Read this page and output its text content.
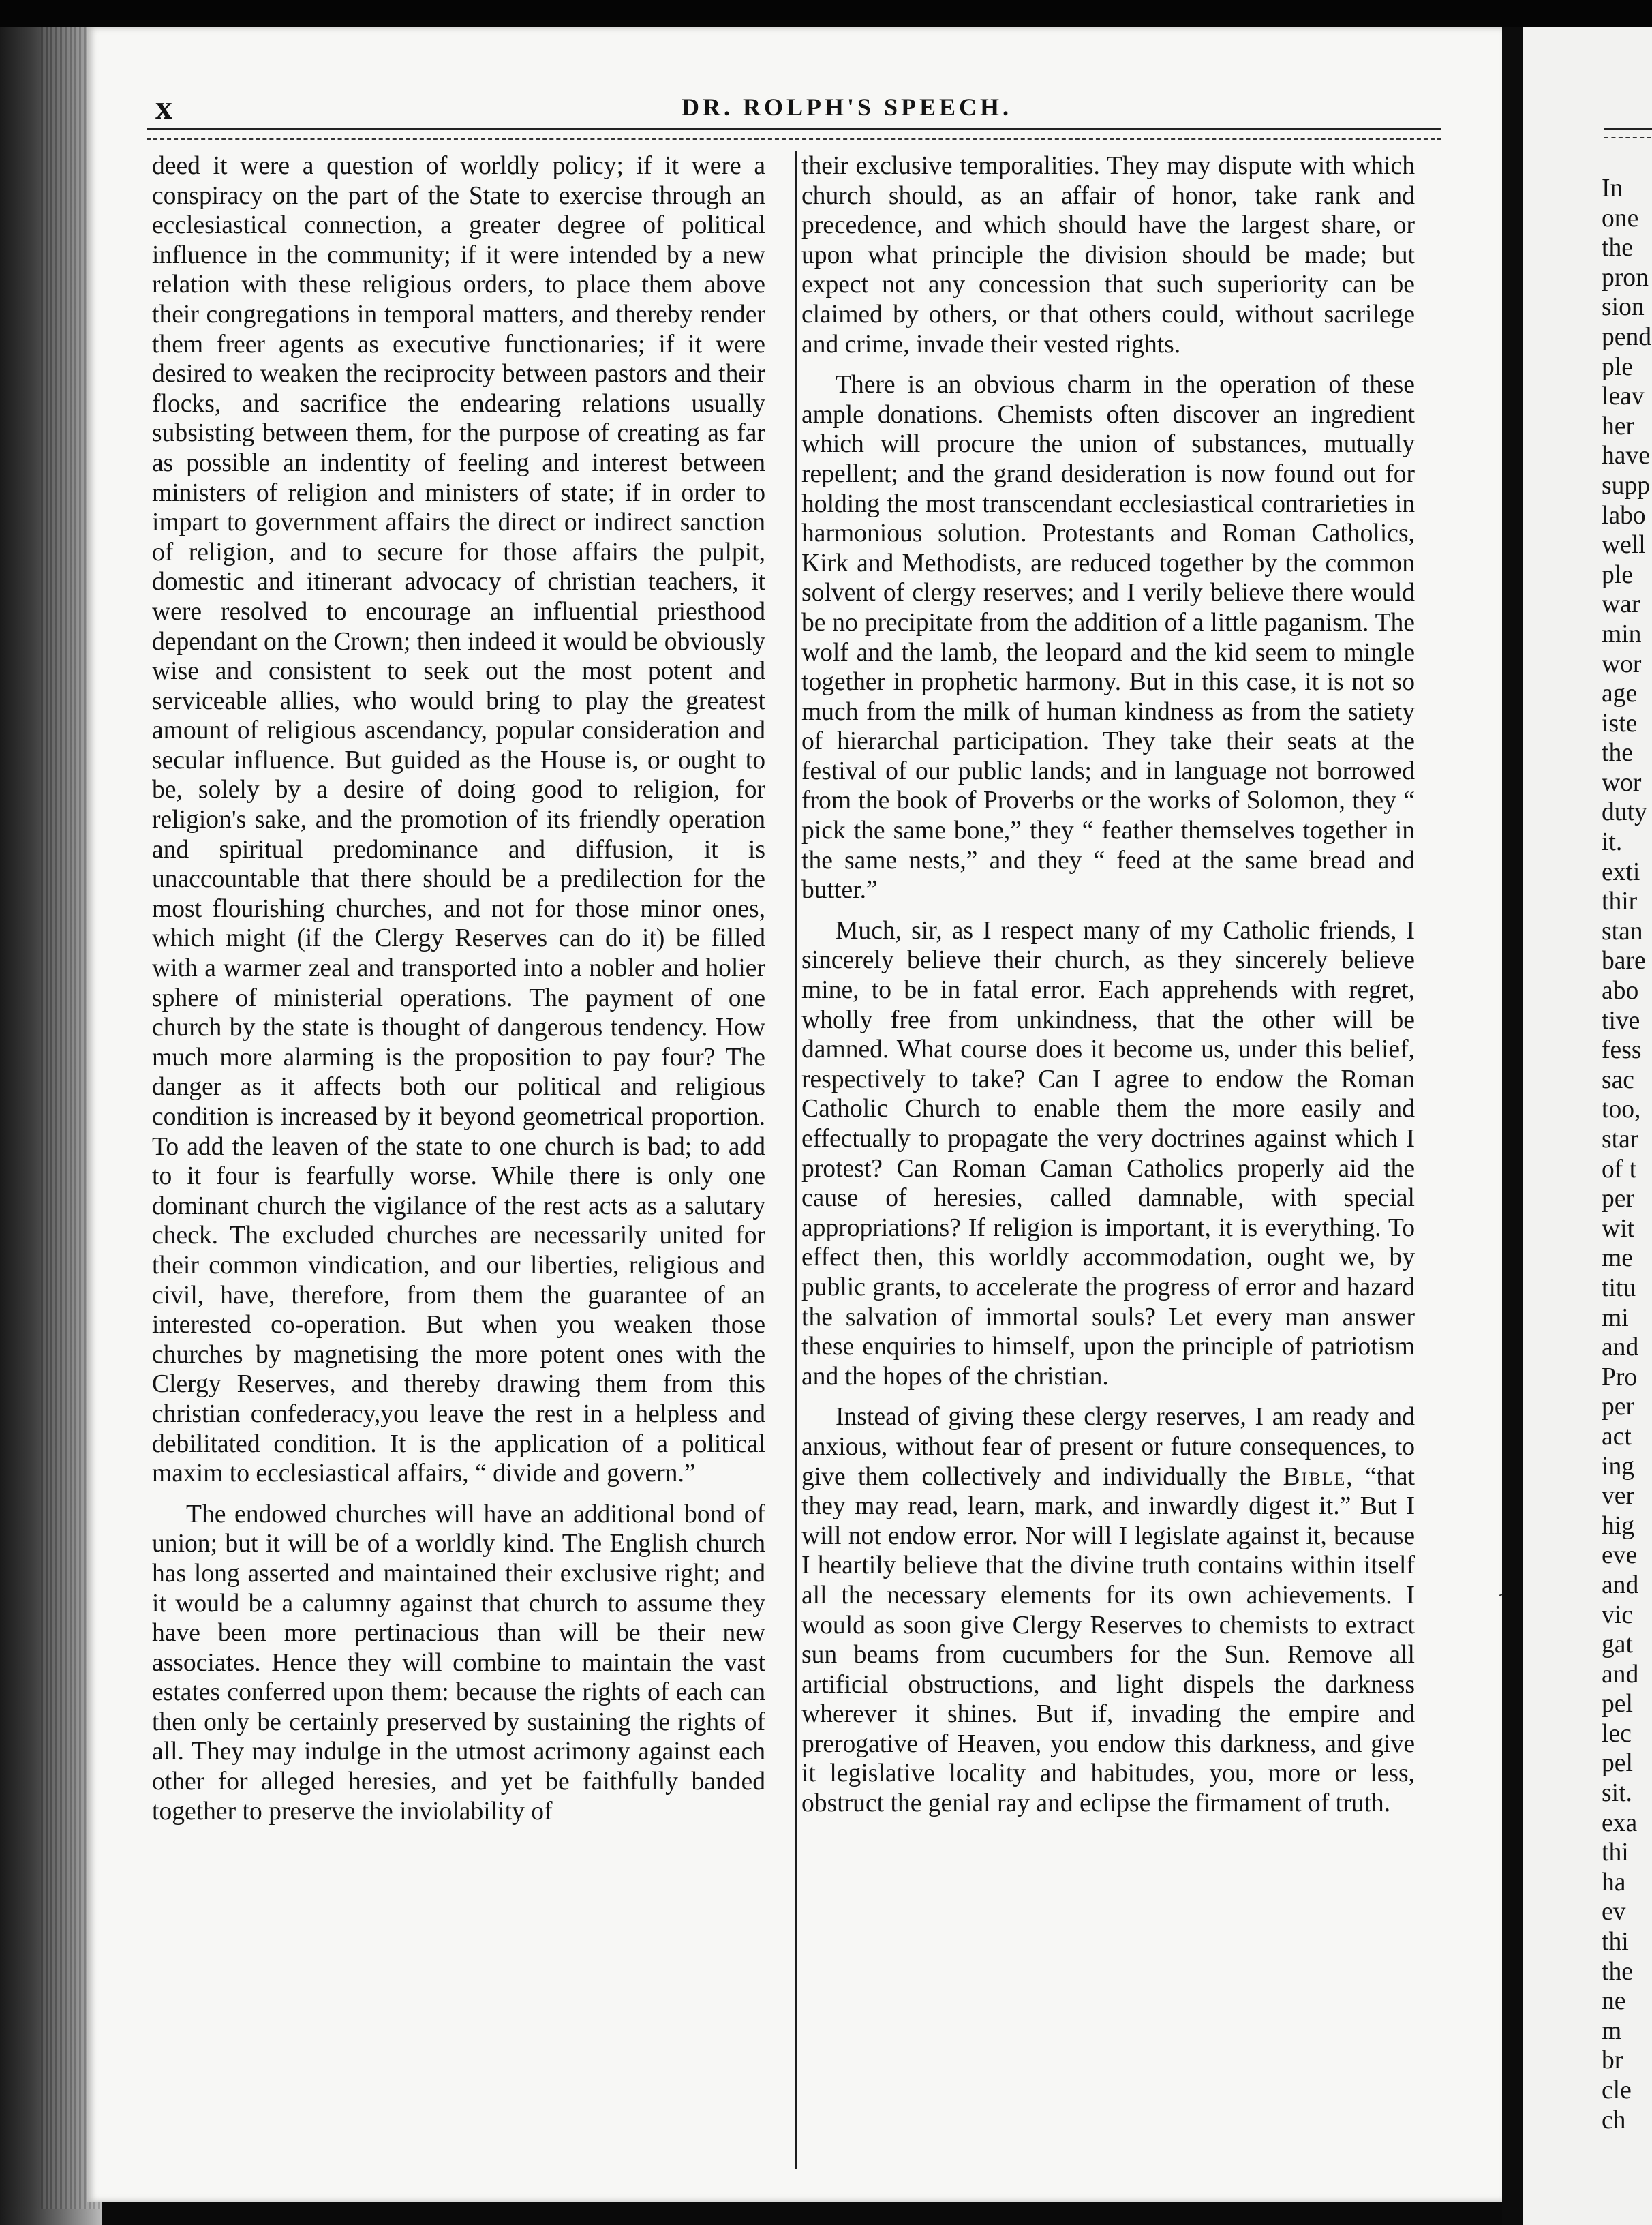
x	DR. ROLPH'S SPEECH.

deed it were a question of worldly policy; if it were a conspiracy on the part of the State to exercise through an ecclesiastical connection, a greater degree of political influence in the community; if it were intended by a new relation with these religious orders, to place them above their congregations in temporal matters, and thereby render them freer agents as executive functionaries; if it were desired to weaken the reciprocity between pastors and their flocks, and sacrifice the endearing relations usually subsisting between them, for the purpose of creating as far as possible an indentity of feeling and interest between ministers of religion and ministers of state; if in order to impart to government affairs the direct or indirect sanction of religion, and to secure for those affairs the pulpit, domestic and itinerant advocacy of christian teachers, it were resolved to encourage an influential priesthood dependant on the Crown; then indeed it would be obviously wise and consistent to seek out the most potent and serviceable allies, who would bring to play the greatest amount of religious ascendancy, popular consideration and secular influence. But guided as the House is, or ought to be, solely by a desire of doing good to religion, for religion's sake, and the promotion of its friendly operation and spiritual predominance and diffusion, it is unaccountable that there should be a predilection for the most flourishing churches, and not for those minor ones, which might (if the Clergy Reserves can do it) be filled with a warmer zeal and transported into a nobler and holier sphere of ministerial operations. The payment of one church by the state is thought of dangerous tendency. How much more alarming is the proposition to pay four? The danger as it affects both our political and religious condition is increased by it beyond geometrical proportion. To add the leaven of the state to one church is bad; to add to it four is fearfully worse. While there is only one dominant church the vigilance of the rest acts as a salutary check. The excluded churches are necessarily united for their common vindication, and our liberties, religious and civil, have, therefore, from them the guarantee of an interested co-operation. But when you weaken those churches by magnetising the more potent ones with the Clergy Reserves, and thereby drawing them from this christian confederacy,you leave the rest in a helpless and debilitated condition. It is the application of a political maxim to ecclesiastical affairs, “ divide and govern.”

The endowed churches will have an additional bond of union; but it will be of a worldly kind. The English church has long asserted and maintained their exclusive right; and it would be a calumny against that church to assume they have been more pertinacious than will be their new associates. Hence they will combine to maintain the vast estates conferred upon them: because the rights of each can then only be certainly preserved by sustaining the rights of all. They may indulge in the utmost acrimony against each other for alleged heresies, and yet be faithfully banded together to preserve the inviolability of

their exclusive temporalities. They may dispute with which church should, as an affair of honor, take rank and precedence, and which should have the largest share, or upon what principle the division should be made; but expect not any concession that such superiority can be claimed by others, or that others could, without sacrilege and crime, invade their vested rights.

There is an obvious charm in the operation of these ample donations. Chemists often discover an ingredient which will procure the union of substances, mutually repellent; and the grand desideration is now found out for holding the most transcendant ecclesiastical contrarieties in harmonious solution. Protestants and Roman Catholics, Kirk and Methodists, are reduced together by the common solvent of clergy reserves; and I verily believe there would be no precipitate from the addition of a little paganism. The wolf and the lamb, the leopard and the kid seem to mingle together in prophetic harmony. But in this case, it is not so much from the milk of human kindness as from the satiety of hierarchal participation. They take their seats at the festival of our public lands; and in language not borrowed from the book of Proverbs or the works of Solomon, they “ pick the same bone,” they “ feather themselves together in the same nests,” and they “ feed at the same bread and butter.”

Much, sir, as I respect many of my Catholic friends, I sincerely believe their church, as they sincerely believe mine, to be in fatal error. Each apprehends with regret, wholly free from unkindness, that the other will be damned. What course does it become us, under this belief, respectively to take? Can I agree to endow the Roman Catholic Church to enable them the more easily and effectually to propagate the very doctrines against which I protest? Can Roman Caman Catholics properly aid the cause of heresies, called damnable, with special appropriations? If religion is important, it is everything. To effect then, this worldly accommodation, ought we, by public grants, to accelerate the progress of error and hazard the salvation of immortal souls? Let every man answer these enquiries to himself, upon the principle of patriotism and the hopes of the christian.

Instead of giving these clergy reserves, I am ready and anxious, without fear of present or future consequences, to give them collectively and individually the Bible, “that they may read, learn, mark, and inwardly digest it.” But I will not endow error. Nor will I legislate against it, because I heartily believe that the divine truth contains within itself all the necessary elements for its own achievements. I would as soon give Clergy Reserves to chemists to extract sun beams from cucumbers for the Sun. Remove all artificial obstructions, and light dispels the darkness wherever it shines. But if, invading the empire and prerogative of Heaven, you endow this darkness, and give it legislative locality and habitudes, you, more or less, obstruct the genial ray and eclipse the firmament of truth.

In
one
the
pron
sion
pend
ple
leav
her
have
supp
labo
well
ple
war
min
wor
age
iste
the
wor
duty
it.
exti
thir
stan
bare
abo
tive
fess
sac
too,
star
of t
per
wit
me
titu
mi
and
Pro
per
act
ing
ver
hig
eve
and
vic
gat
and
pel
lec
pel
sit.
exa
thi
ha
ev
thi
the
ne
m
br
cle
ch
